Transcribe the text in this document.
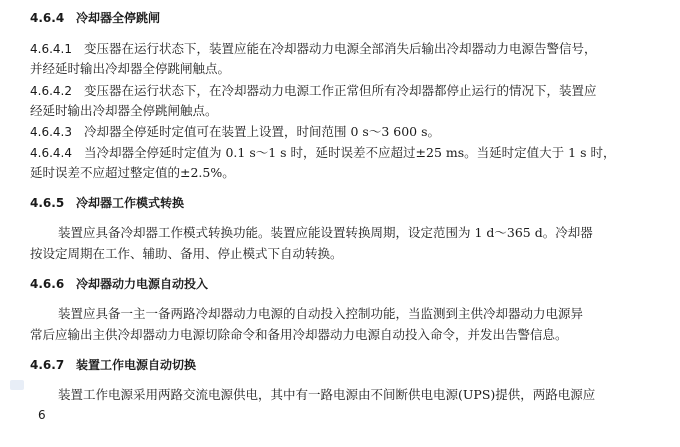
4.6.4 冷却器全停跳闸
4.6.4.1 变压器在运行状态下，装置应能在冷却器动力电源全部消失后输出冷却器动力电源告警信号，
并经延时输出冷却器全停跳闸触点。
4.6.4.2 变压器在运行状态下，在冷却器动力电源工作正常但所有冷却器都停止运行的情况下，装置应
经延时输出冷却器全停跳闸触点。
4.6.4.3 冷却器全停延时定值可在装置上设置，时间范围 0 s～3 600 s。
4.6.4.4 当冷却器全停延时定值为 0.1 s～1 s 时，延时误差不应超过±25 ms。当延时定值大于 1 s 时，
延时误差不应超过整定值的±2.5%。
4.6.5 冷却器工作模式转换
装置应具备冷却器工作模式转换功能。装置应能设置转换周期，设定范围为 1 d～365 d。冷却器
按设定周期在工作、辅助、备用、停止模式下自动转换。
4.6.6 冷却器动力电源自动投入
装置应具备一主一备两路冷却器动力电源的自动投入控制功能，当监测到主供冷却器动力电源异
常后应输出主供冷却器动力电源切除命令和备用冷却器动力电源自动投入命令，并发出告警信息。
4.6.7 装置工作电源自动切换
装置工作电源采用两路交流电源供电，其中有一路电源由不间断供电电源(UPS)提供，两路电源应
6
